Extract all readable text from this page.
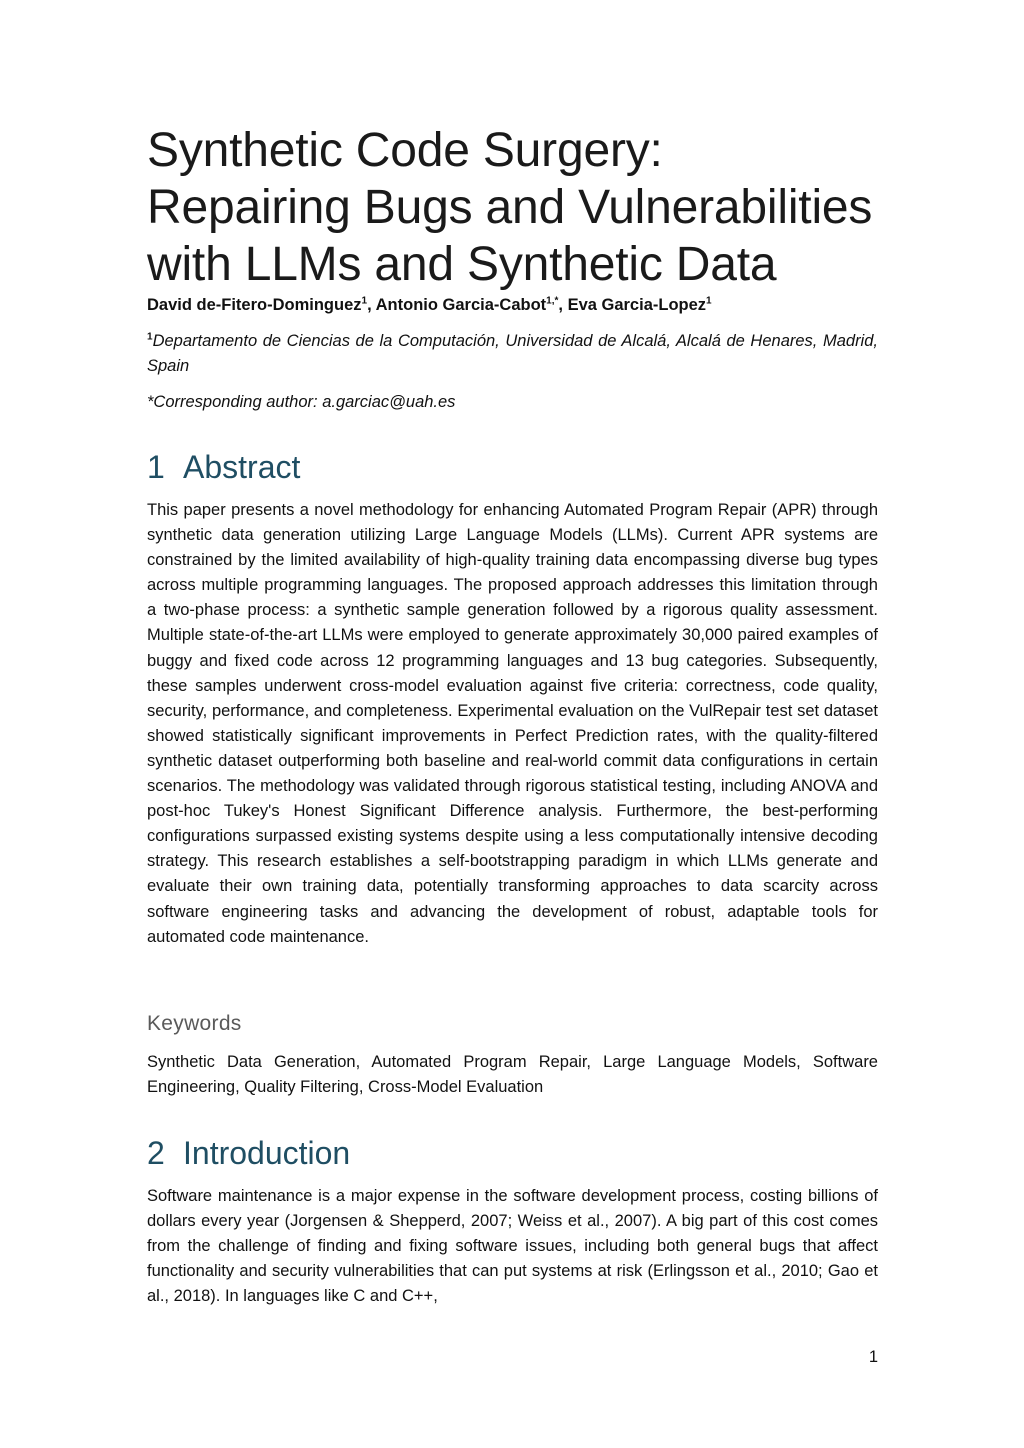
Synthetic Code Surgery: Repairing Bugs and Vulnerabilities with LLMs and Synthetic Data

David de-Fitero-Dominguez$^1$, Antonio Garcia-Cabot$^{1,*}$, Eva Garcia-Lopez$^1$

$^1$Departamento de Ciencias de la Computación, Universidad de Alcalá, Alcalá de Henares, Madrid, Spain

*Corresponding author: a.garciac@uah.es

1 Abstract

This paper presents a novel methodology for enhancing Automated Program Repair (APR) through synthetic data generation utilizing Large Language Models (LLMs). Current APR systems are constrained by the limited availability of high-quality training data encompassing diverse bug types across multiple programming languages. The proposed approach addresses this limitation through a two-phase process: a synthetic sample generation followed by a rigorous quality assessment. Multiple state-of-the-art LLMs were employed to generate approximately 30,000 paired examples of buggy and fixed code across 12 programming languages and 13 bug categories. Subsequently, these samples underwent cross-model evaluation against five criteria: correctness, code quality, security, performance, and completeness. Experimental evaluation on the VulRepair test set dataset showed statistically significant improvements in Perfect Prediction rates, with the quality-filtered synthetic dataset outperforming both baseline and real-world commit data configurations in certain scenarios. The methodology was validated through rigorous statistical testing, including ANOVA and post-hoc Tukey's Honest Significant Difference analysis. Furthermore, the best-performing configurations surpassed existing systems despite using a less computationally intensive decoding strategy. This research establishes a self-bootstrapping paradigm in which LLMs generate and evaluate their own training data, potentially transforming approaches to data scarcity across software engineering tasks and advancing the development of robust, adaptable tools for automated code maintenance.

Keywords

Synthetic Data Generation, Automated Program Repair, Large Language Models, Software Engineering, Quality Filtering, Cross-Model Evaluation

2 Introduction

Software maintenance is a major expense in the software development process, costing billions of dollars every year (Jorgensen & Shepperd, 2007; Weiss et al., 2007). A big part of this cost comes from the challenge of finding and fixing software issues, including both general bugs that affect functionality and security vulnerabilities that can put systems at risk (Erlingsson et al., 2010; Gao et al., 2018). In languages like C and C++,

1
